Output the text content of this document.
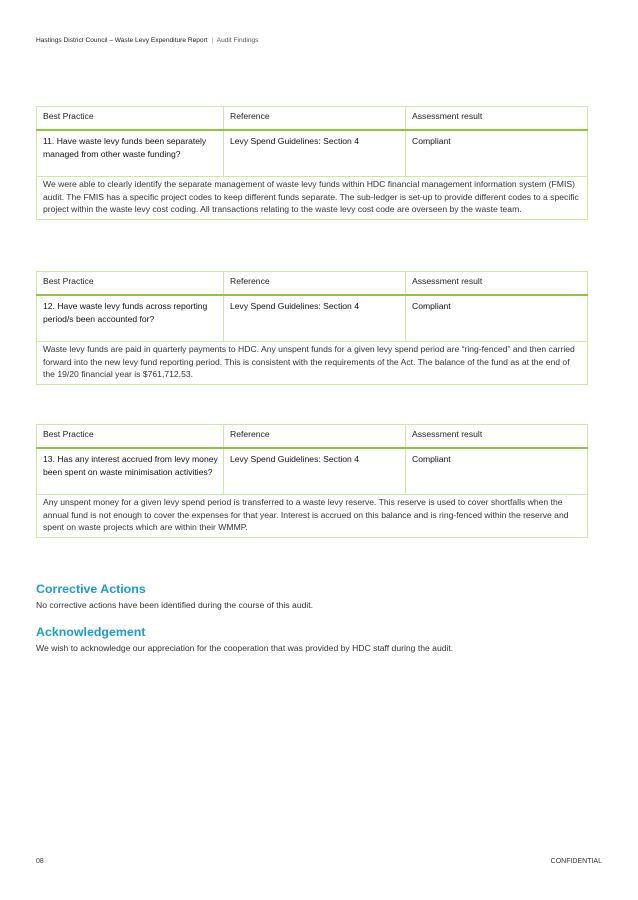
Hastings District Council – Waste Levy Expenditure Report | Audit Findings
Best Practice	Reference	Assessment result
11. Have waste levy funds been separately managed from other waste funding?	Levy Spend Guidelines: Section 4	Compliant
We were able to clearly identify the separate management of waste levy funds within HDC financial management information system (FMIS) audit. The FMIS has a specific project codes to keep different funds separate. The sub-ledger is set-up to provide different codes to a specific project within the waste levy cost coding. All transactions relating to the waste levy cost code are overseen by the waste team.		
Best Practice	Reference	Assessment result
12. Have waste levy funds across reporting period/s been accounted for?	Levy Spend Guidelines: Section 4	Compliant
Waste levy funds are paid in quarterly payments to HDC. Any unspent funds for a given levy spend period are “ring-fenced” and then carried forward into the new levy fund reporting period. This is consistent with the requirements of the Act. The balance of the fund as at the end of the 19/20 financial year is $761,712.53.		
Best Practice	Reference	Assessment result
13. Has any interest accrued from levy money been spent on waste minimisation activities?	Levy Spend Guidelines: Section 4	Compliant
Any unspent money for a given levy spend period is transferred to a waste levy reserve. This reserve is used to cover shortfalls when the annual fund is not enough to cover the expenses for that year. Interest is accrued on this balance and is ring-fenced within the reserve and spent on waste projects which are within their WMMP.		
Corrective Actions
No corrective actions have been identified during the course of this audit.
Acknowledgement
We wish to acknowledge our appreciation for the cooperation that was provided by HDC staff during the audit.
08	CONFIDENTIAL
